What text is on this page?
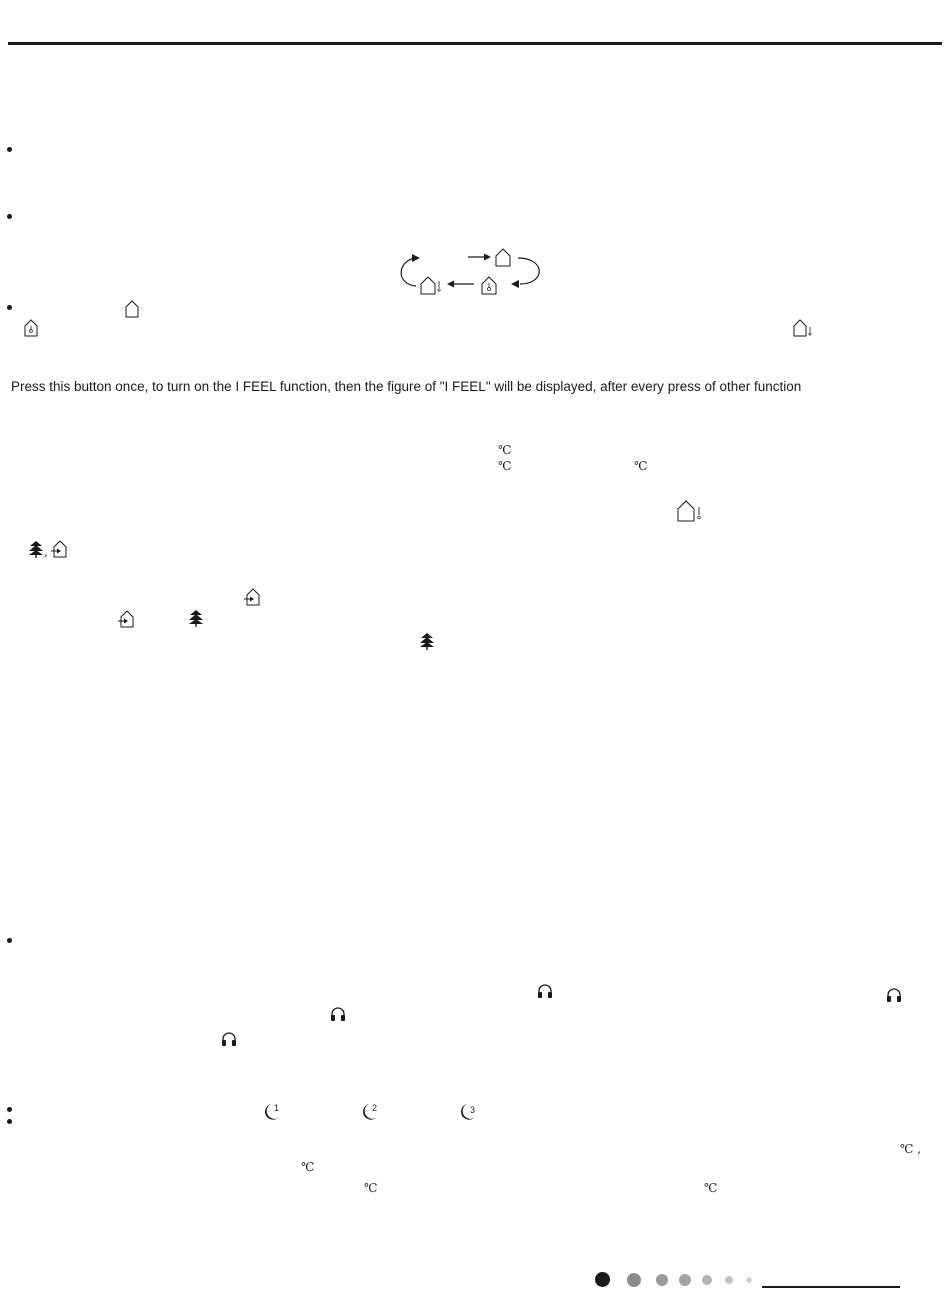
Press this button once, to turn on the I FEEL function, then the figure of "I FEEL" will be displayed, after every press of other function
℃
℃	℃
,
1	2	3
℃ ,
℃
℃	℃
